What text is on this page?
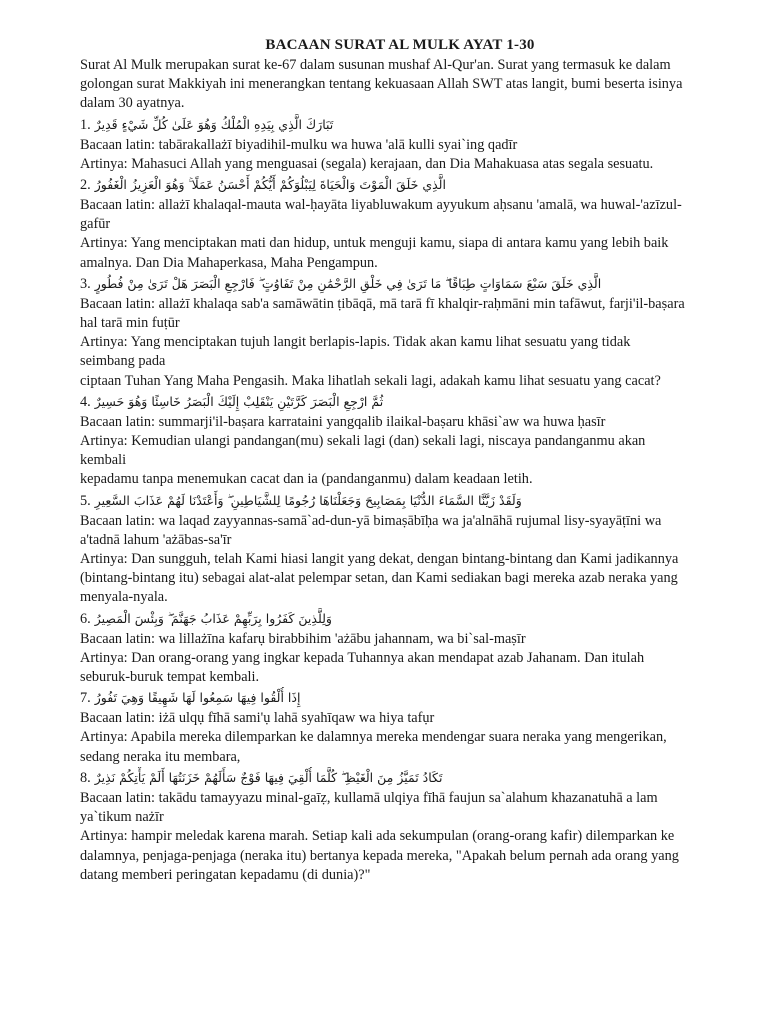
BACAAN SURAT AL MULK AYAT 1-30
Surat Al Mulk merupakan surat ke-67 dalam susunan mushaf Al-Qur'an. Surat yang termasuk ke dalam
golongan surat Makkiyah ini menerangkan tentang kekuasaan Allah SWT atas langit, bumi beserta isinya
dalam 30 ayatnya.
1. تَبَارَكَ الَّذِي بِيَدِهِ الْمُلْكُ وَهُوَ عَلَىٰ كُلِّ شَيْءٍ قَدِيرٌ
Bacaan latin: tabārakallażī biyadihil-mulku wa huwa 'alā kulli syai`ing qadīr
Artinya: Mahasuci Allah yang menguasai (segala) kerajaan, dan Dia Mahakuasa atas segala sesuatu.
2. الَّذِي خَلَقَ الْمَوْتَ وَالْحَيَاةَ لِيَبْلُوَكُمْ أَيُّكُمْ أَحْسَنُ عَمَلًا ۚ وَهُوَ الْعَزِيزُ الْغَفُورُ
Bacaan latin: allażī khalaqal-mauta wal-ḥayāta liyabluwakum ayyukum aḥsanu 'amalā, wa huwal-'azīzul-
gafūr
Artinya: Yang menciptakan mati dan hidup, untuk menguji kamu, siapa di antara kamu yang lebih baik
amalnya. Dan Dia Mahaperkasa, Maha Pengampun.
3. الَّذِي خَلَقَ سَبْعَ سَمَاوَاتٍ طِبَاقًا ۖ مَا تَرَىٰ فِي خَلْقِ الرَّحْمَٰنِ مِنْ تَفَاوُتٍ ۖ فَارْجِعِ الْبَصَرَ هَلْ تَرَىٰ مِنْ فُطُورٍ
Bacaan latin: allażī khalaqa sab'a samāwātin ṭibāqā, mā tarā fī khalqir-raḥmāni min tafāwut, farji'il-baṣara
hal tarā min fuṭūr
Artinya: Yang menciptakan tujuh langit berlapis-lapis. Tidak akan kamu lihat sesuatu yang tidak
seimbang pada
ciptaan Tuhan Yang Maha Pengasih. Maka lihatlah sekali lagi, adakah kamu lihat sesuatu yang cacat?
4. ثُمَّ ارْجِعِ الْبَصَرَ كَرَّتَيْنِ يَنْقَلِبْ إِلَيْكَ الْبَصَرُ خَاسِئًا وَهُوَ حَسِيرٌ
Bacaan latin: summarji'il-baṣara karrataini yangqalib ilaikal-baṣaru khāsi`aw wa huwa ḥasīr
Artinya: Kemudian ulangi pandangan(mu) sekali lagi (dan) sekali lagi, niscaya pandanganmu akan
kembali
kepadamu tanpa menemukan cacat dan ia (pandanganmu) dalam keadaan letih.
5. وَلَقَدْ زَيَّنَّا السَّمَاءَ الدُّنْيَا بِمَصَابِيحَ وَجَعَلْنَاهَا رُجُومًا لِلشَّيَاطِينِ ۖ وَأَعْتَدْنَا لَهُمْ عَذَابَ السَّعِيرِ
Bacaan latin: wa laqad zayyannas-samā`ad-dun-yā bimaṣābīḥa wa ja'alnāhā rujumal lisy-syayāṭīni wa
a'tadnā lahum 'ażābas-sa'īr
Artinya: Dan sungguh, telah Kami hiasi langit yang dekat, dengan bintang-bintang dan Kami jadikannya
(bintang-bintang itu) sebagai alat-alat pelempar setan, dan Kami sediakan bagi mereka azab neraka yang
menyala-nyala.
6. وَلِلَّذِينَ كَفَرُوا بِرَبِّهِمْ عَذَابُ جَهَنَّمَ ۖ وَبِئْسَ الْمَصِيرُ
Bacaan latin: wa lillażīna kafarụ birabbihim 'ażābu jahannam, wa bi`sal-maṣīr
Artinya: Dan orang-orang yang ingkar kepada Tuhannya akan mendapat azab Jahanam. Dan itulah
seburuk-buruk tempat kembali.
7. إِذَا أُلْقُوا فِيهَا سَمِعُوا لَهَا شَهِيقًا وَهِيَ تَفُورُ
Bacaan latin: iżā ulqụ fīhā sami'ụ lahā syahīqaw wa hiya tafụr
Artinya: Apabila mereka dilemparkan ke dalamnya mereka mendengar suara neraka yang mengerikan,
sedang neraka itu membara,
8. تَكَادُ تَمَيَّزُ مِنَ الْغَيْظِ ۖ كُلَّمَا أُلْقِيَ فِيهَا فَوْجٌ سَأَلَهُمْ خَزَنَتُهَا أَلَمْ يَأْتِكُمْ نَذِيرٌ
Bacaan latin: takādu tamayyazu minal-gaīẓ, kullamā ulqiya fīhā faujun sa`alahum khazanatuhā a lam
ya`tikum nażīr
Artinya: hampir meledak karena marah. Setiap kali ada sekumpulan (orang-orang kafir) dilemparkan ke
dalamnya, penjaga-penjaga (neraka itu) bertanya kepada mereka, "Apakah belum pernah ada orang yang
datang memberi peringatan kepadamu (di dunia)?"
